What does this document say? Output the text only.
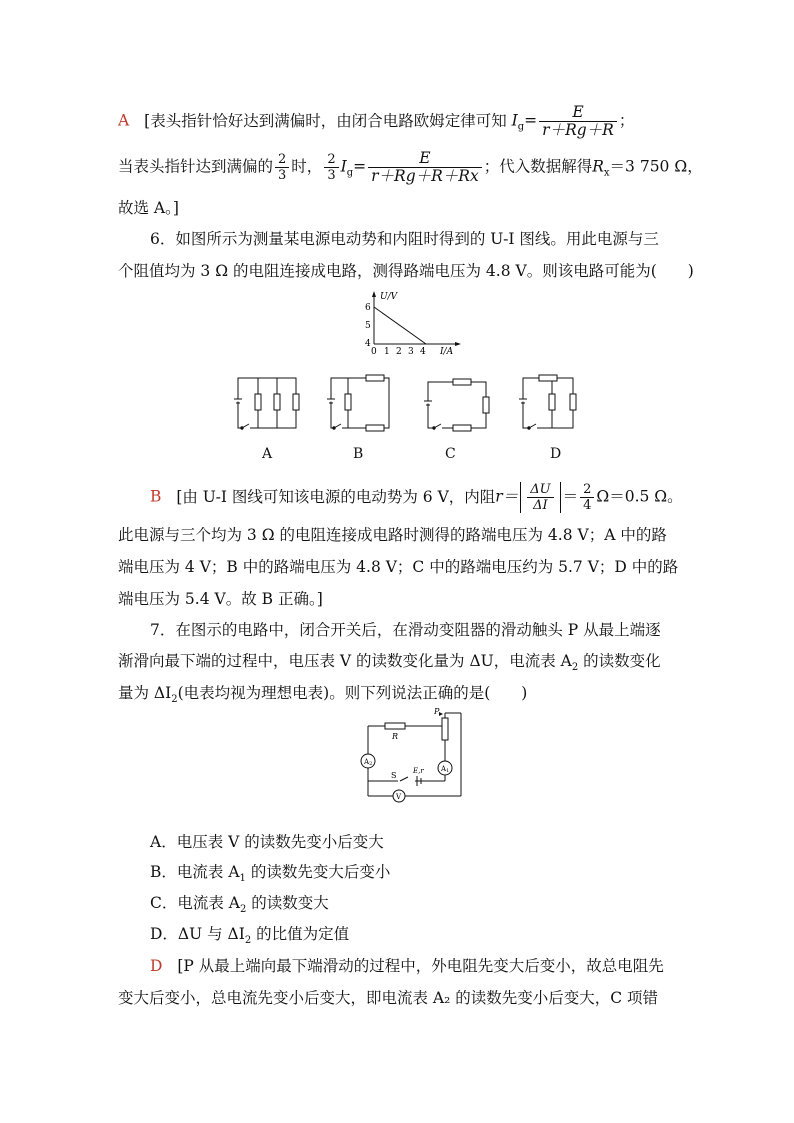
A [表头指针恰好达到满偏时，由闭合电路欧姆定律可知 $I_g= \frac{E}{r+Rg+R}$ ；
当表头指针达到满偏的 $\frac{2}{3}$ 时， $\frac{2}{3} I_g= \frac{E}{r+Rg+R+Rx}$ ；代入数据解得$R_x=3$ 750 Ω，
故选 A。]
6．如图所示为测量某电源电动势和内阻时得到的 U-I 图线。用此电源与三
个阻值均为 3 Ω 的电阻连接成电路，测得路端电压为 4.8 V。则该电路可能为(　　)
U/V
I/A
6
5
4
0 1 2 3 4
A	B	C	D
B [由 U-I 图线可知该电源的电动势为 6 V，内阻$r= \frac{\Delta U}{\Delta I} = \frac{2}{4} \Omega=0.5$ Ω。
此电源与三个均为 3 Ω 的电阻连接成电路时测得的路端电压为 4.8 V；A 中的路
端电压为 4 V；B 中的路端电压为 4.8 V；C 中的路端电压约为 5.7 V；D 中的路
端电压为 5.4 V。故 B 正确。]
7．在图示的电路中，闭合开关后，在滑动变阻器的滑动触头 P 从最上端逐
渐滑向最下端的过程中，电压表 V 的读数变化量为 ΔU，电流表 $A_2$ 的读数变化
量为 $\Delta I_2$(电表均视为理想电表)。则下列说法正确的是(　　)
P
R
A2
A1
S E,r
V
A．电压表 V 的读数先变小后变大
B．电流表 $A_1$ 的读数先变大后变小
C．电流表 $A_2$ 的读数变大
D．ΔU 与 $\Delta I_2$ 的比值为定值
D [P 从最上端向最下端滑动的过程中，外电阻先变大后变小，故总电阻先
变大后变小，总电流先变小后变大，即电流表 A₂ 的读数先变小后变大，C 项错
